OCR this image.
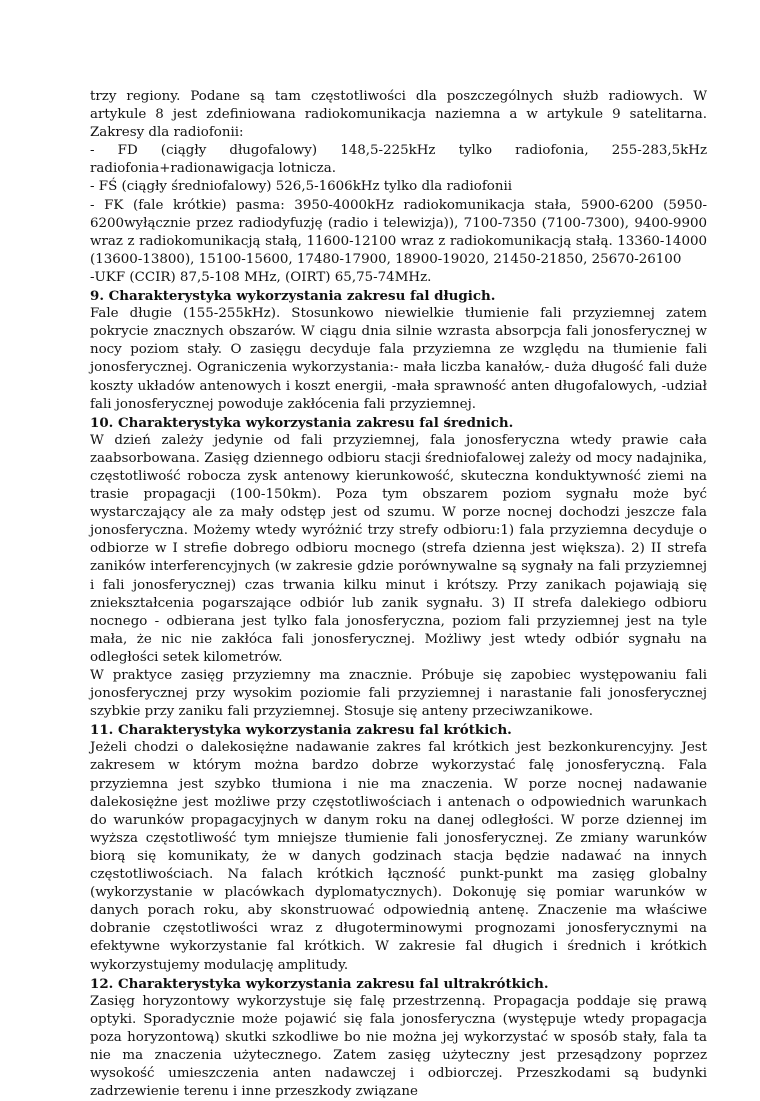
trzy regiony. Podane są tam częstotliwości dla poszczególnych służb radiowych. W artykule 8 jest zdefiniowana radiokomunikacja naziemna a w artykule 9 satelitarna. Zakresy dla radiofonii:

- FD (ciągły długofalowy) 148,5-225kHz tylko radiofonia, 255-283,5kHz radiofonia+radionawigacja lotnicza.

- FŚ (ciągły średniofalowy) 526,5-1606kHz tylko dla radiofonii

- FK (fale krótkie) pasma: 3950-4000kHz radiokomunikacja stała, 5900-6200 (5950-6200wyłącznie przez radiodyfuzję (radio i telewizja)), 7100-7350 (7100-7300), 9400-9900 wraz z radiokomunikacją stałą, 11600-12100 wraz z radiokomunikacją stałą. 13360-14000 (13600-13800), 15100-15600, 17480-17900, 18900-19020, 21450-21850, 25670-26100

-UKF (CCIR) 87,5-108 MHz, (OIRT) 65,75-74MHz.

9. Charakterystyka wykorzystania zakresu fal długich.

Fale długie (155-255kHz). Stosunkowo niewielkie tłumienie fali przyziemnej zatem pokrycie znacznych obszarów. W ciągu dnia silnie wzrasta absorpcja fali jonosferycznej w nocy poziom stały. O zasięgu decyduje fala przyziemna ze względu na tłumienie fali jonosferycznej. Ograniczenia wykorzystania:- mała liczba kanałów,- duża długość fali duże koszty układów antenowych i koszt energii, -mała sprawność anten długofalowych, -udział fali jonosferycznej powoduje zakłócenia fali przyziemnej.

10. Charakterystyka wykorzystania zakresu fal średnich.

W dzień zależy jedynie od fali przyziemnej, fala jonosferyczna wtedy prawie cała zaabsorbowana. Zasięg dziennego odbioru stacji średniofalowej zależy od mocy nadajnika, częstotliwość robocza zysk antenowy kierunkowość, skuteczna konduktywność ziemi na trasie propagacji (100-150km). Poza tym obszarem poziom sygnału może być wystarczający ale za mały odstęp jest od szumu. W porze nocnej dochodzi jeszcze fala jonosferyczna. Możemy wtedy wyróżnić trzy strefy odbioru:1) fala przyziemna decyduje o odbiorze w I strefie dobrego odbioru mocnego (strefa dzienna jest większa). 2) II strefa zaników interferencyjnych (w zakresie gdzie porównywalne są sygnały na fali przyziemnej i fali jonosferycznej) czas trwania kilku minut i krótszy. Przy zanikach pojawiają się zniekształcenia pogarszające odbiór lub zanik sygnału. 3) II strefa dalekiego odbioru nocnego - odbierana jest tylko fala jonosferyczna, poziom fali przyziemnej jest na tyle mała, że nic nie zakłóca fali jonosferycznej. Możliwy jest wtedy odbiór sygnału na odległości setek kilometrów.

W praktyce zasięg przyziemny ma znacznie. Próbuje się zapobiec występowaniu fali jonosferycznej przy wysokim poziomie fali przyziemnej i narastanie fali jonosferycznej szybkie przy zaniku fali przyziemnej. Stosuje się anteny przeciwzanikowe.

11. Charakterystyka wykorzystania zakresu fal krótkich.

Jeżeli chodzi o dalekosiężne nadawanie zakres fal krótkich jest bezkonkurencyjny. Jest zakresem w którym można bardzo dobrze wykorzystać falę jonosferyczną. Fala przyziemna jest szybko tłumiona i nie ma znaczenia. W porze nocnej nadawanie dalekosiężne jest możliwe przy częstotliwościach i antenach o odpowiednich warunkach do warunków propagacyjnych w danym roku na danej odległości. W porze dziennej im wyższa częstotliwość tym mniejsze tłumienie fali jonosferycznej. Ze zmiany warunków biorą się komunikaty, że w danych godzinach stacja będzie nadawać na innych częstotliwościach. Na falach krótkich łączność punkt-punkt ma zasięg globalny (wykorzystanie w placówkach dyplomatycznych). Dokonuję się pomiar warunków w danych porach roku, aby skonstruować odpowiednią antenę. Znaczenie ma właściwe dobranie częstotliwości wraz z długoterminowymi prognozami jonosferycznymi na efektywne wykorzystanie fal krótkich. W zakresie fal długich i średnich i krótkich wykorzystujemy modulację amplitudy.

12. Charakterystyka wykorzystania zakresu fal ultrakrótkich.

Zasięg horyzontowy wykorzystuje się falę przestrzenną. Propagacja poddaje się prawą optyki. Sporadycznie może pojawić się fala jonosferyczna (występuje wtedy propagacja poza horyzontową) skutki szkodliwe bo nie można jej wykorzystać w sposób stały, fala ta nie ma znaczenia użytecznego. Zatem zasięg użyteczny jest przesądzony poprzez wysokość umieszczenia anten nadawczej i odbiorczej. Przeszkodami są budynki zadrzewienie terenu i inne przeszkody związane
